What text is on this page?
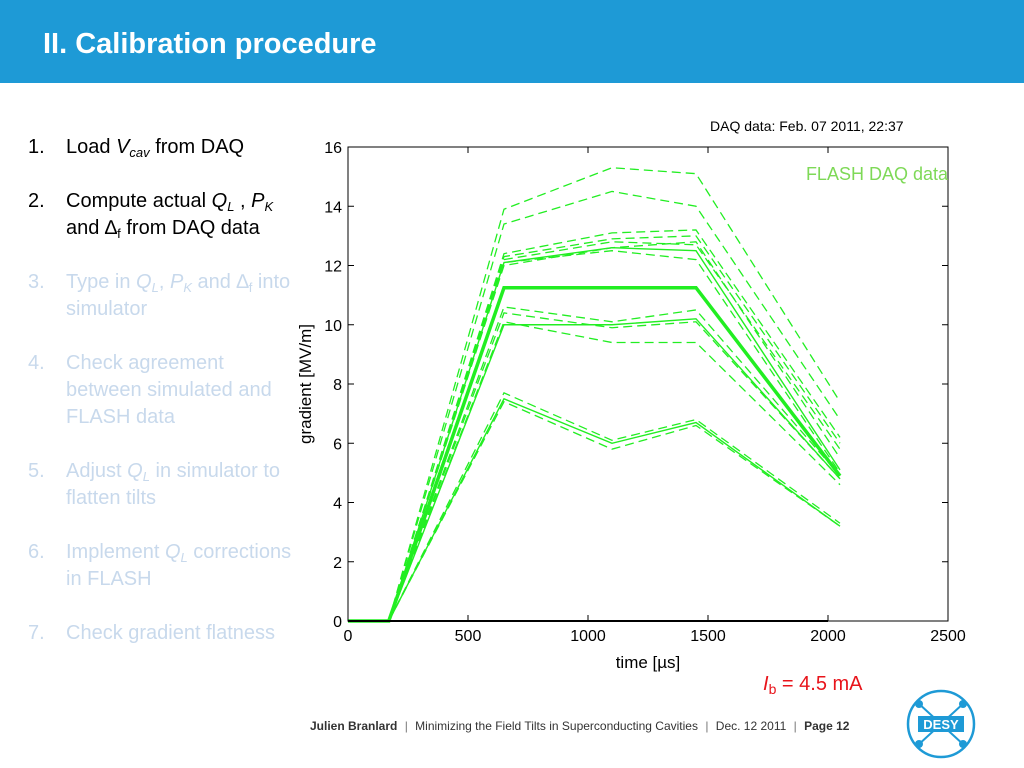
II. Calibration procedure
1. Load $V_{cav}$ from DAQ
2. Compute actual $Q_L$ , $P_K$ and $\Delta_f$ from DAQ data
3. Type in $Q_L$, $P_K$ and $\Delta_f$ into simulator
4. Check agreement between simulated and FLASH data
5. Adjust $Q_L$ in simulator to flatten tilts
6. Implement $Q_L$ corrections in FLASH
7. Check gradient flatness
DAQ data: Feb. 07 2011, 22:37
0	500	1000	1500	2000	2500
0
2
4
6
8
10
12
14
16
FLASH DAQ data
time [µs]
gradient [MV/m]
$I_b = 4.5$ mA
Julien Branlard | Minimizing the Field Tilts in Superconducting Cavities | Dec. 12 2011 | Page 12	DESY
